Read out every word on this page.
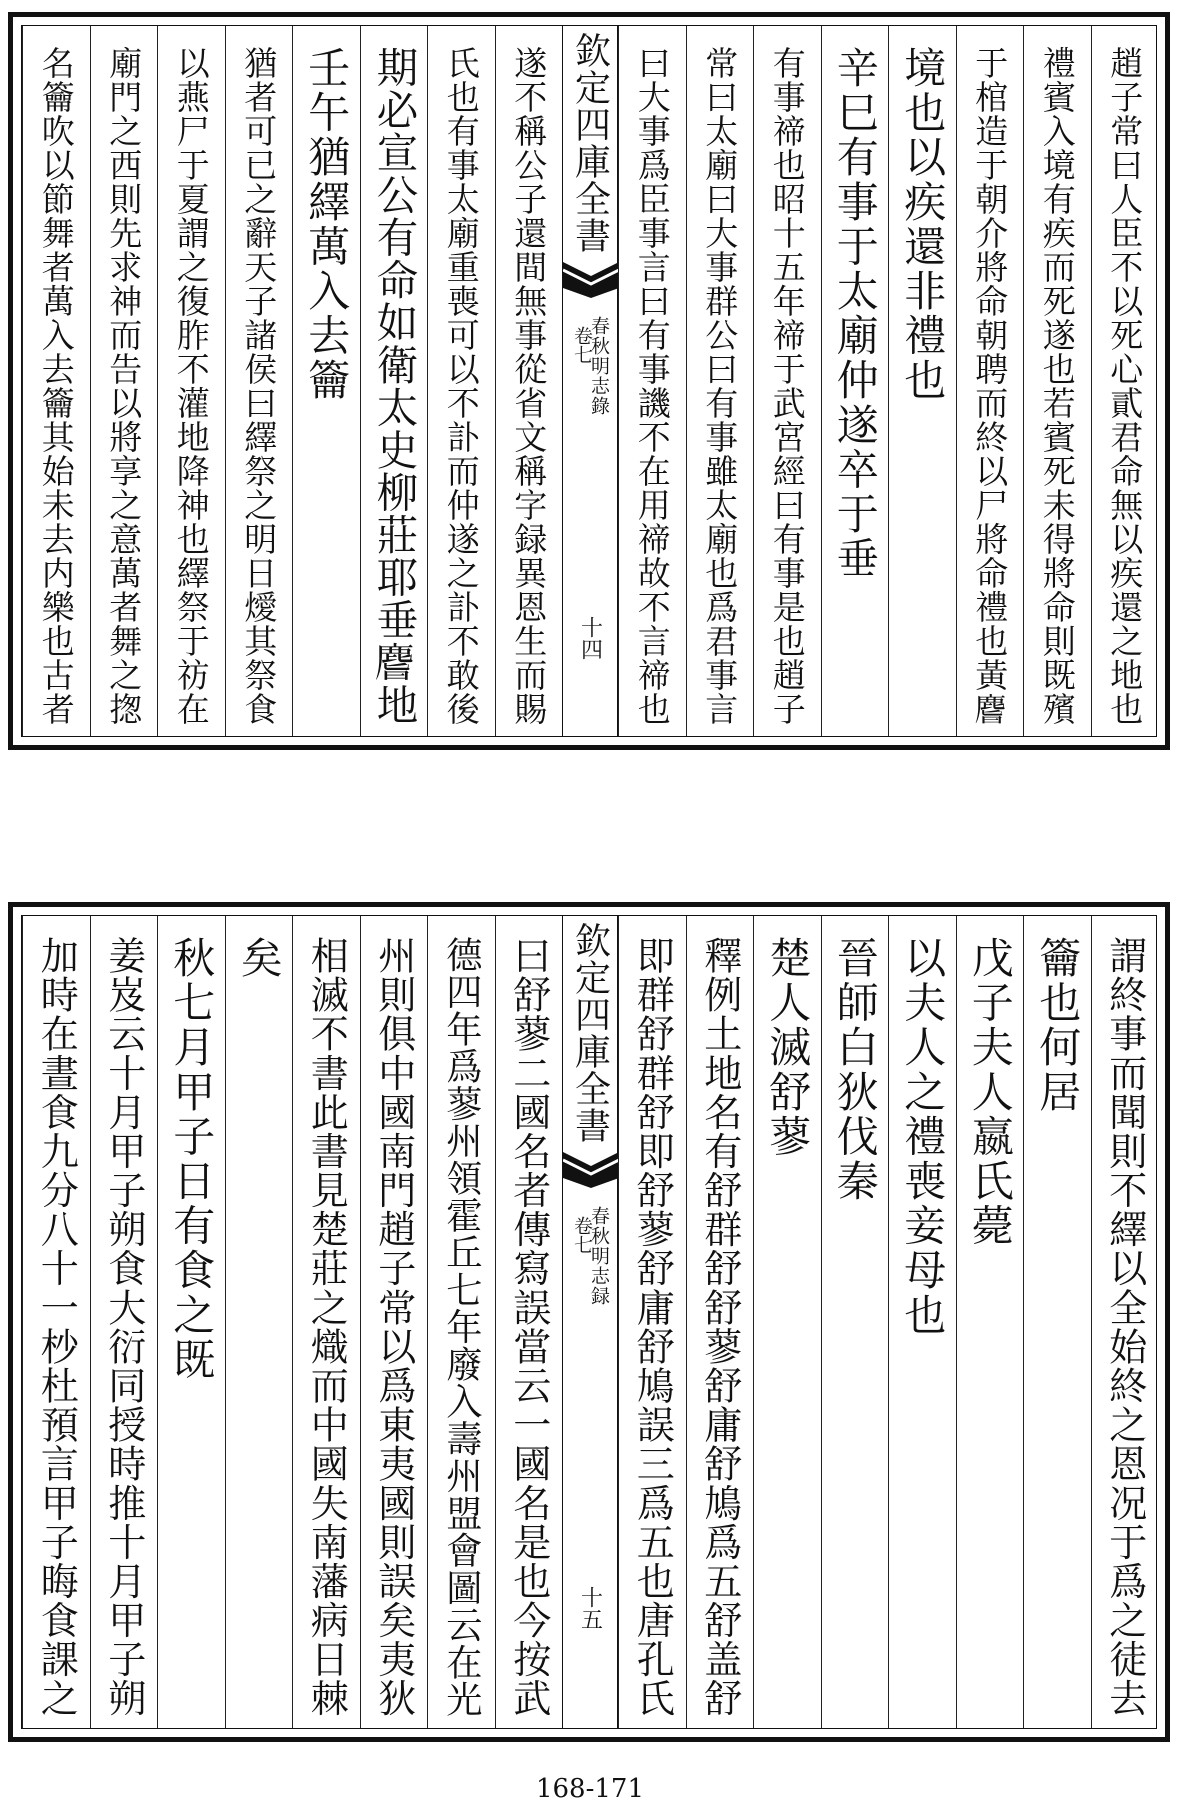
遂不稱公子還間無事從省文稱字録異恩生而賜
氏也有事太廟重喪可以不訃而仲遂之訃不敢後
期必宣公有命如衛太史柳莊耶垂𪊨地
壬午猶繹萬入去籥
猶者可已之辭天子諸侯曰繹祭之明日燰其祭食
以燕尸于夏謂之復胙不灌地降神也繹祭于祊在
廟門之西則先求神而告以將享之意萬者舞之揔
名籥吹以節舞者萬入去籥其始未去内樂也古者	欽定四庫全書
春秋明志錄
卷七
十四	趙子常曰人臣不以死心貳君命無以疾還之地也
禮賓入境有疾而死遂也若賓死未得將命則既殯
于棺造于朝介將命朝聘而終以尸將命禮也黃𪊨
境也以疾還非禮也
辛巳有事于太廟仲遂卒于垂
有事禘也昭十五年禘于武宮經曰有事是也趙子
常曰太廟曰大事群公曰有事雖太廟也爲君事言
曰大事爲臣事言曰有事譏不在用禘故不言禘也
曰舒蓼二國名者傳寫誤當云一國名是也今按武
德四年爲蓼州領霍丘七年廢入壽州盟會圖云在光
州則俱中國南門趙子常以爲東夷國則誤矣夷狄
相滅不書此書見楚莊之熾而中國失南藩病日棘
矣
秋七月甲子日有食之既
姜岌云十月甲子朔食大衍同授時推十月甲子朔
加時在晝食九分八十一杪杜預言甲子晦食課之	欽定四庫全書
春秋明志録
卷七
十五	謂終事而聞則不繹以全始終之恩况于爲之徒去
籥也何居
戊子夫人嬴氏薨
以夫人之禮喪妾母也
晉師白狄伐秦
楚人滅舒蓼
釋例土地名有舒群舒舒蓼舒庸舒鳩爲五舒盖舒
即群舒群舒即舒蓼舒庸舒鳩誤三爲五也唐孔氏
168-171
